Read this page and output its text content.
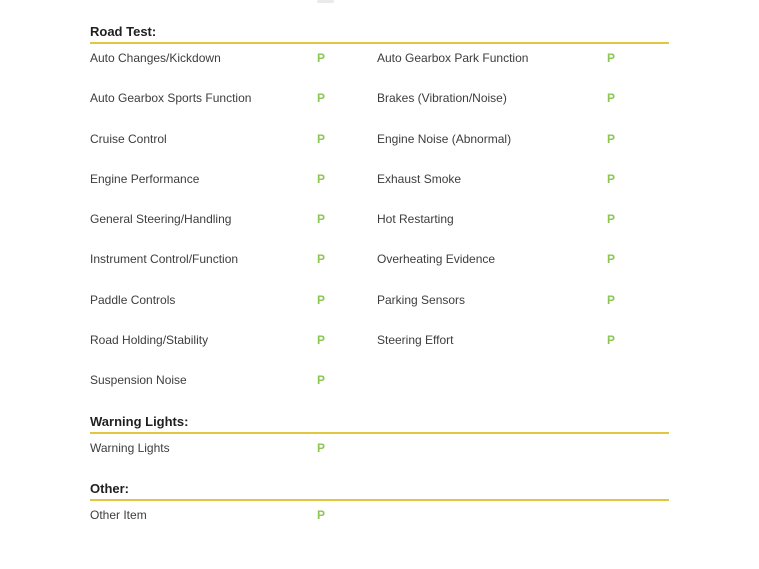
Road Test:
Auto Changes/Kickdown	P	Auto Gearbox Park Function	P
Auto Gearbox Sports Function	P	Brakes (Vibration/Noise)	P
Cruise Control	P	Engine Noise (Abnormal)	P
Engine Performance	P	Exhaust Smoke	P
General Steering/Handling	P	Hot Restarting	P
Instrument Control/Function	P	Overheating Evidence	P
Paddle Controls	P	Parking Sensors	P
Road Holding/Stability	P	Steering Effort	P
Suspension Noise	P
Warning Lights:
Warning Lights	P
Other:
Other Item	P
